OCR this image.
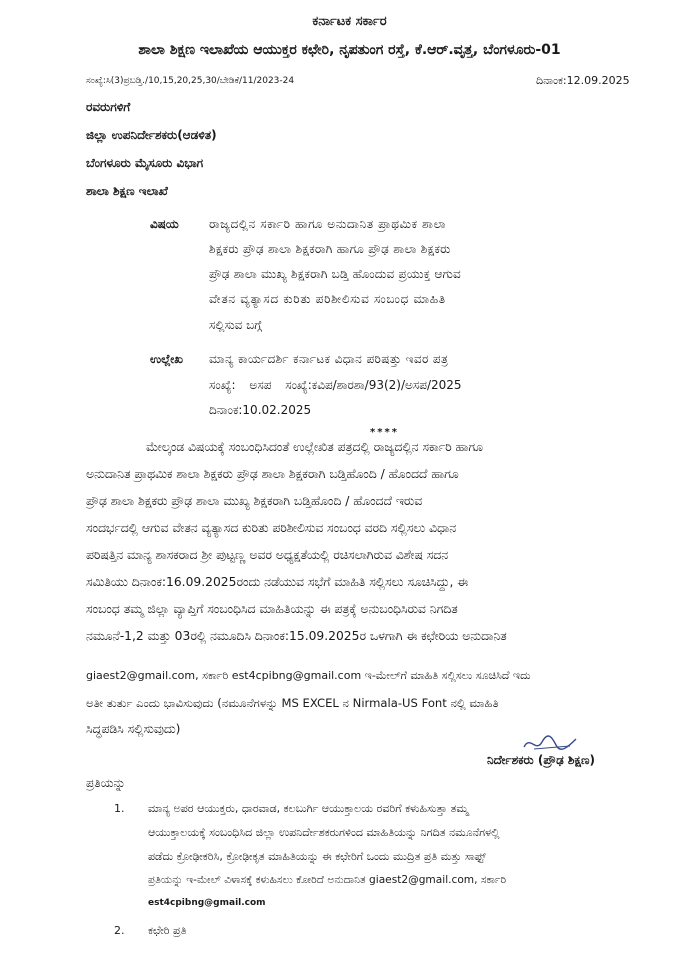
ಕರ್ನಾಟಕ ಸರ್ಕಾರ
ಶಾಲಾ ಶಿಕ್ಷಣ ಇಲಾಖೆಯ ಆಯುಕ್ತರ ಕಛೇರಿ, ನೃಪತುಂಗ ರಸ್ತೆ, ಕೆ.ಆರ್.ವೃತ್ತ, ಬೆಂಗಳೂರು-01
ಸಂಖ್ಯೆ:ಸಿ(3)ಪ್ರಬಡ್ತಿ./10,15,20,25,30/ಬೇಡಿಕೆ/11/2023-24	ದಿನಾಂಕ:12.09.2025
ರವರುಗಳಿಗೆ
ಜಿಲ್ಲಾ ಉಪನಿರ್ದೇಶಕರು(ಆಡಳಿತ)
ಬೆಂಗಳೂರು ಮೈಸೂರು ವಿಭಾಗ
ಶಾಲಾ ಶಿಕ್ಷಣ ಇಲಾಖೆ
ವಿಷಯ	ರಾಜ್ಯದಲ್ಲಿನ ಸರ್ಕಾರಿ ಹಾಗೂ ಅನುದಾನಿತ ಪ್ರಾಥಮಿಕ ಶಾಲಾ
ಶಿಕ್ಷಕರು ಪ್ರೌಢ ಶಾಲಾ ಶಿಕ್ಷಕರಾಗಿ ಹಾಗೂ ಪ್ರೌಢ ಶಾಲಾ ಶಿಕ್ಷಕರು
ಪ್ರೌಢ ಶಾಲಾ ಮುಖ್ಯ ಶಿಕ್ಷಕರಾಗಿ ಬಡ್ತಿ ಹೊಂದುವ ಪ್ರಯುಕ್ತ ಆಗುವ
ವೇತನ ವ್ಯತ್ಯಾಸದ ಕುರಿತು ಪರಿಶೀಲಿಸುವ ಸಂಬಂಧ ಮಾಹಿತಿ
ಸಲ್ಲಿಸುವ ಬಗ್ಗೆ
ಉಲ್ಲೇಖ ಮಾನ್ಯ ಕಾರ್ಯದರ್ಶಿ ಕರ್ನಾಟಕ ವಿಧಾನ ಪರಿಷತ್ತು ಇವರ ಪತ್ರ
ಸಂಖ್ಯೆ: ಅಸಪ ಸಂಖ್ಯೆ:ಕವಿಪ/ಶಾರಶಾ/93(2)/ಅಸಪ/2025
ದಿನಾಂಕ:10.02.2025
****
ಮೇಲ್ಕಂಡ ವಿಷಯಕ್ಕೆ ಸಂಬಂಧಿಸಿದಂತೆ ಉಲ್ಲೇಖಿತ ಪತ್ರದಲ್ಲಿ ರಾಜ್ಯದಲ್ಲಿನ ಸರ್ಕಾರಿ ಹಾಗೂ
ಅನುದಾನಿತ ಪ್ರಾಥಮಿಕ ಶಾಲಾ ಶಿಕ್ಷಕರು ಪ್ರೌಢ ಶಾಲಾ ಶಿಕ್ಷಕರಾಗಿ ಬಡ್ತಿಹೊಂದಿ / ಹೊಂದದೆ ಹಾಗೂ
ಪ್ರೌಢ ಶಾಲಾ ಶಿಕ್ಷಕರು ಪ್ರೌಢ ಶಾಲಾ ಮುಖ್ಯ ಶಿಕ್ಷಕರಾಗಿ ಬಡ್ತಿಹೊಂದಿ / ಹೊಂದದೆ ಇರುವ
ಸಂದರ್ಭದಲ್ಲಿ ಆಗುವ ವೇತನ ವ್ಯತ್ಯಾಸದ ಕುರಿತು ಪರಿಶೀಲಿಸುವ ಸಂಬಂಧ ವರದಿ ಸಲ್ಲಿಸಲು ವಿಧಾನ
ಪರಿಷತ್ತಿನ ಮಾನ್ಯ ಶಾಸಕರಾದ ಶ್ರೀ ಪುಟ್ಟಣ್ಣ ಅವರ ಅಧ್ಯಕ್ಷತೆಯಲ್ಲಿ ರಚಿಸಲಾಗಿರುವ ವಿಶೇಷ ಸದನ
ಸಮಿತಿಯು ದಿನಾಂಕ:16.09.2025ರಂದು ನಡೆಯುವ ಸಭೆಗೆ ಮಾಹಿತಿ ಸಲ್ಲಿಸಲು ಸೂಚಿಸಿದ್ದು, ಈ
ಸಂಬಂಧ ತಮ್ಮ ಜಿಲ್ಲಾ ವ್ಯಾಪ್ತಿಗೆ ಸಂಬಂಧಿಸಿದ ಮಾಹಿತಿಯನ್ನು ಈ ಪತ್ರಕ್ಕೆ ಅನುಬಂಧಿಸಿರುವ ನಿಗದಿತ
ನಮೂನೆ-1,2 ಮತ್ತು 03ರಲ್ಲಿ ನಮೂದಿಸಿ ದಿನಾಂಕ:15.09.2025ರ ಒಳಗಾಗಿ ಈ ಕಛೇರಿಯ ಅನುದಾನಿತ
giaest2@gmail.com, ಸರ್ಕಾರಿ est4cpibng@gmail.com ಇ-ಮೇಲ್‌ಗೆ ಮಾಹಿತಿ ಸಲ್ಲಿಸಲು ಸೂಚಿಸಿದೆ ಇದು
ಅತೀ ತುರ್ತು ಎಂದು ಭಾವಿಸುವುದು (ನಮೂನೆಗಳನ್ನು MS EXCEL ನ Nirmala-US Font ನಲ್ಲಿ ಮಾಹಿತಿ
ಸಿದ್ಧಪಡಿಸಿ ಸಲ್ಲಿಸುವುದು)
ನಿರ್ದೇಶಕರು (ಪ್ರೌಢ ಶಿಕ್ಷಣ)
ಪ್ರತಿಯನ್ನು
1. ಮಾನ್ಯ ಅಪರ ಆಯುಕ್ತರು, ಧಾರವಾಡ, ಕಲಬುರ್ಗಿ ಆಯುಕ್ತಾಲಯ ರವರಿಗೆ ಕಳುಹಿಸುತ್ತಾ ತಮ್ಮ
ಆಯುಕ್ತಾಲಯಕ್ಕೆ ಸಂಬಂಧಿಸಿದ ಜಿಲ್ಲಾ ಉಪನಿರ್ದೇಶಕರುಗಳಿಂದ ಮಾಹಿತಿಯನ್ನು ನಿಗದಿತ ನಮೂನೆಗಳಲ್ಲಿ
ಪಡೆದು ಕ್ರೋಢೀಕರಿಸಿ, ಕ್ರೋಢೀಕೃತ ಮಾಹಿತಿಯನ್ನು ಈ ಕಛೇರಿಗೆ ಒಂದು ಮುದ್ರಿತ ಪ್ರತಿ ಮತ್ತು ಸಾಫ್ಟ್
ಪ್ರತಿಯನ್ನು ಇ-ಮೇಲ್ ವಿಳಾಸಕ್ಕೆ ಕಳುಹಿಸಲು ಕೋರಿದೆ ಅನುದಾನಿತ giaest2@gmail.com, ಸರ್ಕಾರಿ
est4cpibng@gmail.com
2. ಕಛೇರಿ ಪ್ರತಿ
